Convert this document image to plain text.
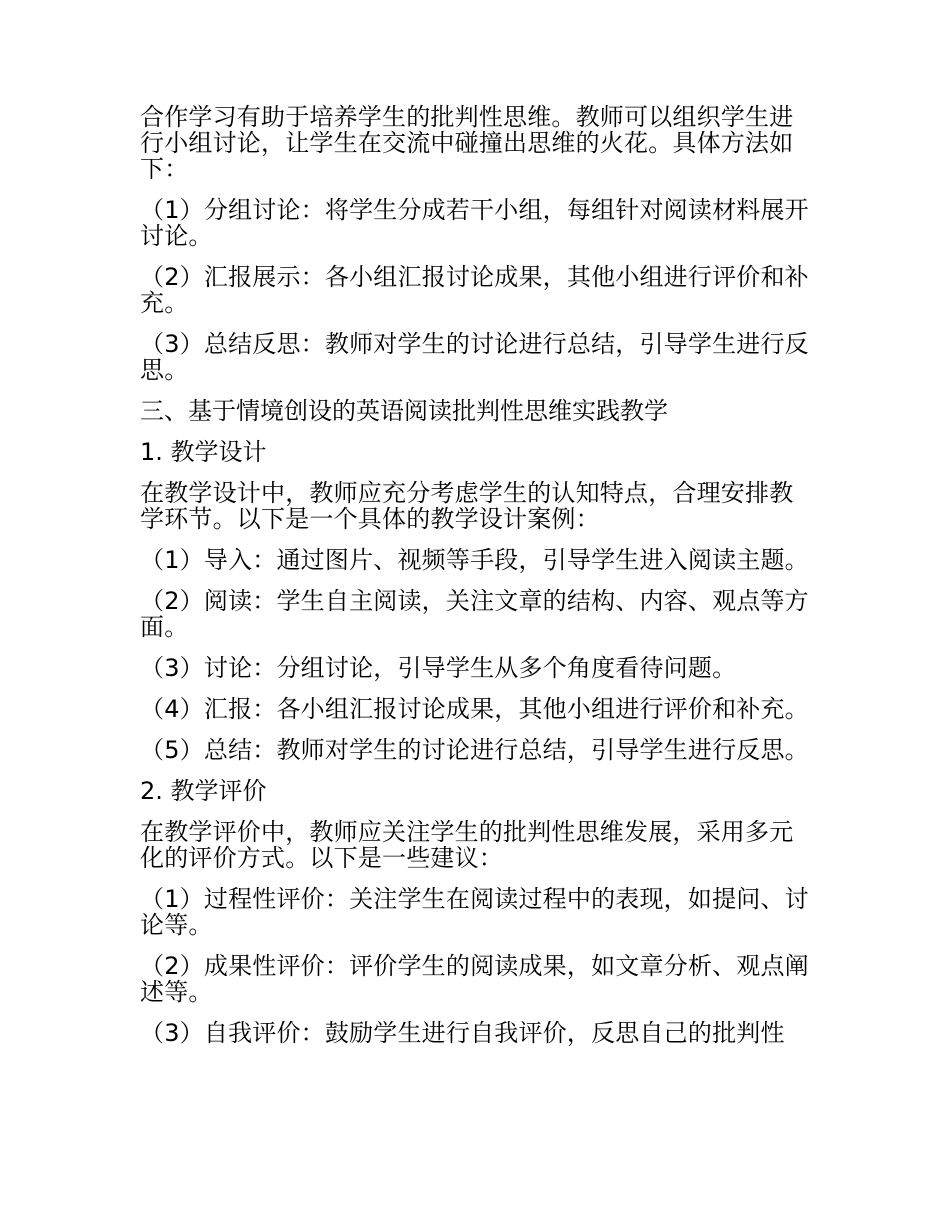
合作学习有助于培养学生的批判性思维。教师可以组织学生进行小组讨论，让学生在交流中碰撞出思维的火花。具体方法如下：

（1）分组讨论：将学生分成若干小组，每组针对阅读材料展开讨论。

（2）汇报展示：各小组汇报讨论成果，其他小组进行评价和补充。

（3）总结反思：教师对学生的讨论进行总结，引导学生进行反思。

三、基于情境创设的英语阅读批判性思维实践教学

1. 教学设计

在教学设计中，教师应充分考虑学生的认知特点，合理安排教学环节。以下是一个具体的教学设计案例：

（1）导入：通过图片、视频等手段，引导学生进入阅读主题。

（2）阅读：学生自主阅读，关注文章的结构、内容、观点等方面。

（3）讨论：分组讨论，引导学生从多个角度看待问题。

（4）汇报：各小组汇报讨论成果，其他小组进行评价和补充。

（5）总结：教师对学生的讨论进行总结，引导学生进行反思。

2. 教学评价

在教学评价中，教师应关注学生的批判性思维发展，采用多元化的评价方式。以下是一些建议：

（1）过程性评价：关注学生在阅读过程中的表现，如提问、讨论等。

（2）成果性评价：评价学生的阅读成果，如文章分析、观点阐述等。

（3）自我评价：鼓励学生进行自我评价，反思自己的批判性
